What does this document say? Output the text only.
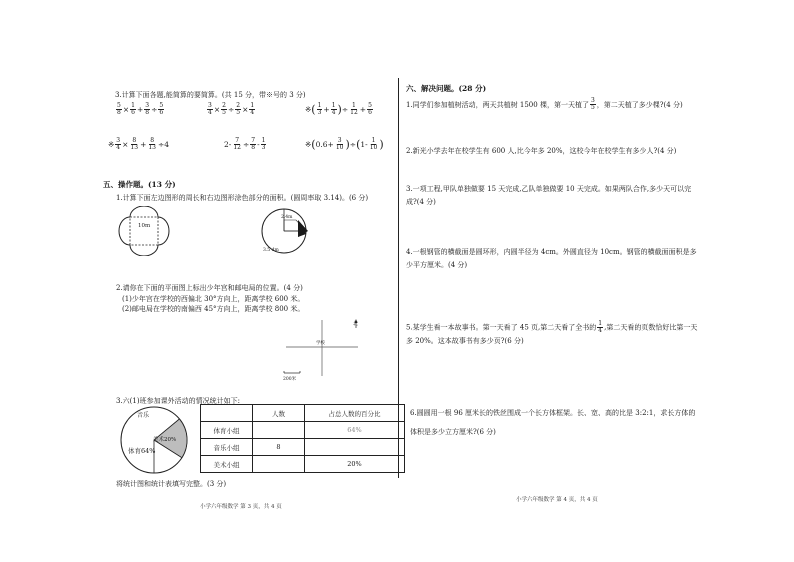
3.计算下面各题,能简算的要简算。(共 15 分，带※号的 3 分)
$\frac{5}{8} \times \frac{1}{6} + \frac{3}{8} \div \frac{5}{6}$	$\frac{3}{4} \times \frac{2}{5} \div \frac{2}{5} \times \frac{1}{4}$	※ ( $\frac{1}{3} + \frac{1}{4}$ ) ÷ $\frac{1}{12} + \frac{5}{6}$
※ $\frac{3}{4} \times \frac{8}{13} + \frac{8}{13} \div 4$	$2 - \frac{7}{12} \div \frac{7}{8} - \frac{1}{3}$	※ ( $0.6 + \frac{3}{10}$ ) ÷ ( $1 - \frac{1}{10}$ )
五、操作题。(13 分)
1.计算下面左边图形的周长和右边图形涂色部分的面积。(圆周率取 3.14)。(6 分)
10m
2.4m
3.5 dm
2.请你在下面的平面图上标出少年宫和邮电局的位置。(4 分)
(1)少年宫在学校的西偏北 30°方向上，距离学校 600 米。
(2)邮电局在学校的南偏西 45°方向上，距离学校 800 米。
北
学校
200米
3.六(1)班参加课外活动的情况统计如下:
音乐
美术20%
体育64%
	人数	占总人数的百分比
体育小组		64%
音乐小组	8	
美术小组		20%
将统计图和统计表填写完整。(3 分)
小学六年级数学 第 3 页，共 4 页
六、解决问题。(28 分)
1.同学们参加植树活动，两天共植树 1500 棵，第一天植了 $\frac{3}{5}$ ，第二天植了多少棵?(4 分)
2.新光小学去年在校学生有 600 人,比今年多 20%，这校今年在校学生有多少人?(4 分)
3.一项工程,甲队单独做要 15 天完成,乙队单独做要 10 天完成。如果两队合作,多少天可以完成?(4 分)
4.一根钢管的横截面是圆环形，内圆半径为 4cm。外圆直径为 10cm。钢管的横截面面积是多少平方厘米。(4 分)
5.某学生看一本故事书。第一天看了 45 页,第二天看了全书的 $\frac{1}{4}$ ,第二天看的页数恰好比第一天多 20%。这本故事书有多少页?(6 分)
6.圆圆用一根 96 厘米长的铁丝围成一个长方体框架。长、宽、高的比是 3:2:1，求长方体的体积是多少立方厘米?(6 分)
小学六年级数学 第 4 页，共 4 页
